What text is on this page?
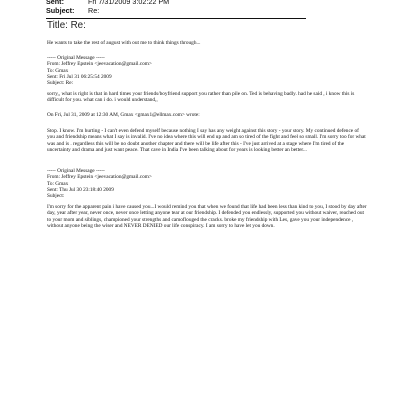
Sent:	Fri 7/31/2009 3:02:22 PM
Subject:	Re:
Title: Re:

He wants to take the rest of august with out me to think things through...

----- Original Message -----
From: Jeffrey Epstein <jeevacation@gmail.com>
To: Gmax
Sent: Fri Jul 31 06:25:54 2009
Subject: Re:

sorry,, what is right is that in hard times your friends/boyfriend support you rather than pile on. Ted is behaving badly. had he said , i know this is difficult for you. what can i do. i would understand,,

On Fri, Jul 31, 2009 at 12:30 AM, Gmax <gmax1@ellmax.com> wrote:

Stop. I know. I'm hurting - I can't even defend myself because nothing I say has any weight against this story - your story. My continued defence of you and friendship means what I say is invalid. I've no idea where this will end up and am so tired of the fight and feel so small. I'm sorry too for what was and is . regardless this will be no doubt another chapter and there will be life after this - I've just arrived at a stage where I'm tired of the uncertainty and drama and just want peace. That cave in India I've been talking about for years is looking better an better...

----- Original Message -----
From: Jeffrey Epstein <jeevacation@gmail.com>
To: Gmax
Sent: Thu Jul 30 23:18:40 2009
Subject:

I'm sorry for the apparent pain i have caused you...I would remind you that when we found that life had been less than kind to you, I stood by day after day, year after year, never once, never once letting anyone tear at our friendship. I defended you endlessly, supported you without waiver, reached out to your mom and siblings, championed your strengths and camoflouged the cracks. broke my friendship with Les, gave you your independence , without anyone being the wiser and NEVER DENIED our life conspiracy. I am sorry to have let you down.
